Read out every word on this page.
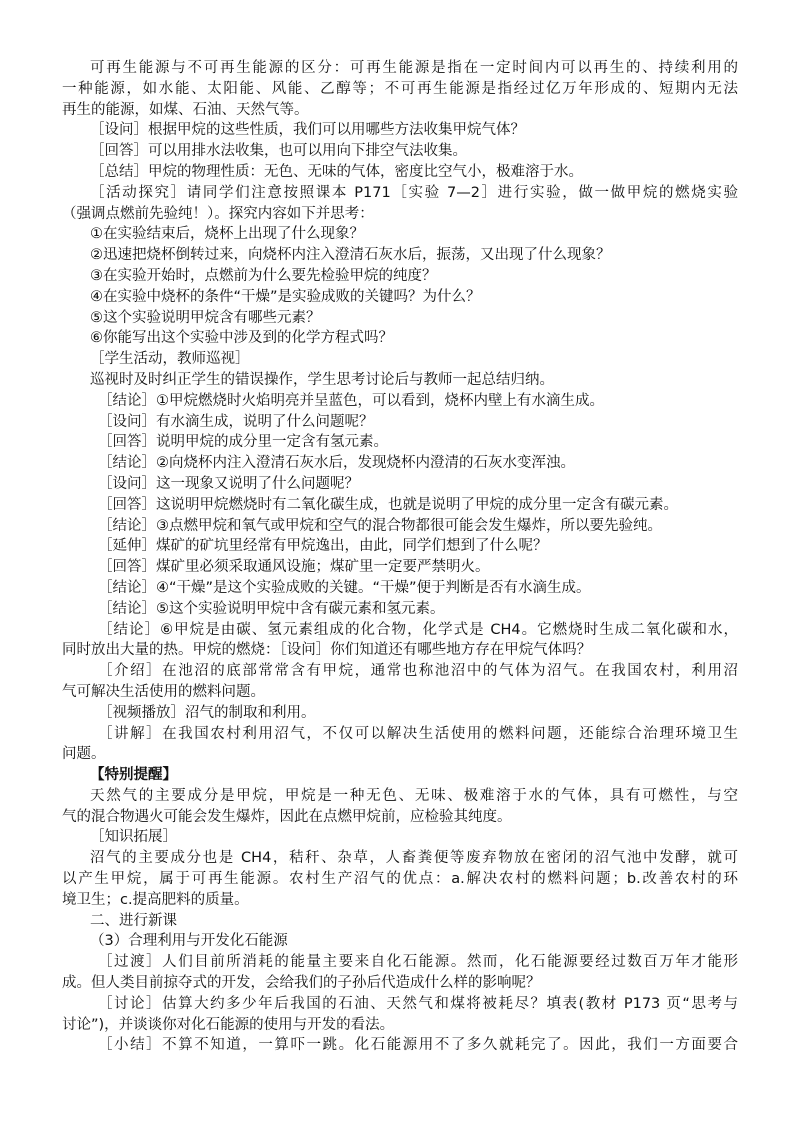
可再生能源与不可再生能源的区分：可再生能源是指在一定时间内可以再生的、持续利用的
一种能源，如水能、太阳能、风能、乙醇等；不可再生能源是指经过亿万年形成的、短期内无法
再生的能源，如煤、石油、天然气等。
［设问］根据甲烷的这些性质，我们可以用哪些方法收集甲烷气体？
［回答］可以用排水法收集，也可以用向下排空气法收集。
［总结］甲烷的物理性质：无色、无味的气体，密度比空气小，极难溶于水。
［活动探究］请同学们注意按照课本 P171［实验 7—2］进行实验，做一做甲烷的燃烧实验
（强调点燃前先验纯！）。探究内容如下并思考：
①在实验结束后，烧杯上出现了什么现象？
②迅速把烧杯倒转过来，向烧杯内注入澄清石灰水后，振荡，又出现了什么现象？
③在实验开始时，点燃前为什么要先检验甲烷的纯度？
④在实验中烧杯的条件“干燥”是实验成败的关键吗？为什么？
⑤这个实验说明甲烷含有哪些元素？
⑥你能写出这个实验中涉及到的化学方程式吗？
［学生活动，教师巡视］
巡视时及时纠正学生的错误操作，学生思考讨论后与教师一起总结归纳。
［结论］①甲烷燃烧时火焰明亮并呈蓝色，可以看到，烧杯内壁上有水滴生成。
［设问］有水滴生成，说明了什么问题呢？
［回答］说明甲烷的成分里一定含有氢元素。
［结论］②向烧杯内注入澄清石灰水后，发现烧杯内澄清的石灰水变浑浊。
［设问］这一现象又说明了什么问题呢？
［回答］这说明甲烷燃烧时有二氧化碳生成，也就是说明了甲烷的成分里一定含有碳元素。
［结论］③点燃甲烷和氧气或甲烷和空气的混合物都很可能会发生爆炸，所以要先验纯。
［延伸］煤矿的矿坑里经常有甲烷逸出，由此，同学们想到了什么呢？
［回答］煤矿里必须采取通风设施；煤矿里一定要严禁明火。
［结论］④“干燥”是这个实验成败的关键。“干燥”便于判断是否有水滴生成。
［结论］⑤这个实验说明甲烷中含有碳元素和氢元素。
［结论］⑥甲烷是由碳、氢元素组成的化合物，化学式是 CH4。它燃烧时生成二氧化碳和水，
同时放出大量的热。甲烷的燃烧：［设问］你们知道还有哪些地方存在甲烷气体吗？
［介绍］在池沼的底部常常含有甲烷，通常也称池沼中的气体为沼气。在我国农村，利用沼
气可解决生活使用的燃料问题。
［视频播放］沼气的制取和利用。
［讲解］在我国农村利用沼气，不仅可以解决生活使用的燃料问题，还能综合治理环境卫生
问题。
【特别提醒】
天然气的主要成分是甲烷，甲烷是一种无色、无味、极难溶于水的气体，具有可燃性，与空
气的混合物遇火可能会发生爆炸，因此在点燃甲烷前，应检验其纯度。
［知识拓展］
沼气的主要成分也是 CH4，秸秆、杂草，人畜粪便等废弃物放在密闭的沼气池中发酵，就可
以产生甲烷，属于可再生能源。农村生产沼气的优点：a.解决农村的燃料问题；b.改善农村的环
境卫生；c.提高肥料的质量。
二、进行新课
（3）合理利用与开发化石能源
［过渡］人们目前所消耗的能量主要来自化石能源。然而，化石能源要经过数百万年才能形
成。但人类目前掠夺式的开发，会给我们的子孙后代造成什么样的影响呢？
［讨论］估算大约多少年后我国的石油、天然气和煤将被耗尽？填表(教材 P173 页“思考与
讨论”)，并谈谈你对化石能源的使用与开发的看法。
［小结］不算不知道，一算吓一跳。化石能源用不了多久就耗完了。因此，我们一方面要合
